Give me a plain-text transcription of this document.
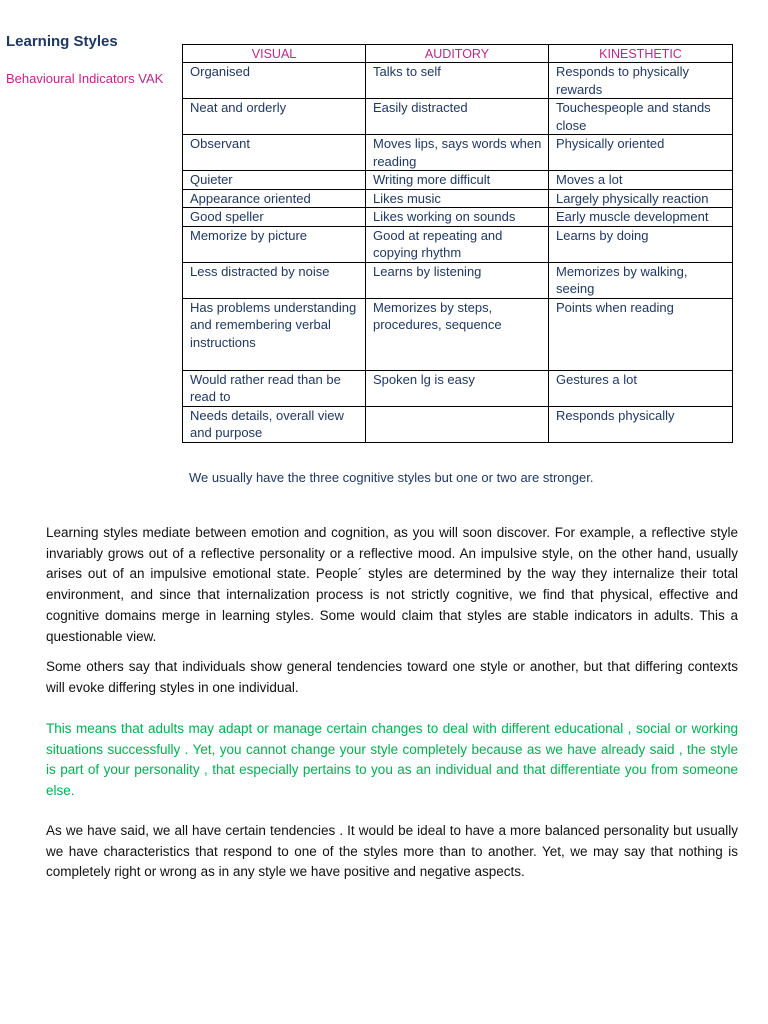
Learning Styles
Behavioural Indicators VAK
VISUAL	AUDITORY	KINESTHETIC
Organised	Talks to self	Responds to physically rewards
Neat and orderly	Easily distracted	Touchespeople and stands close
Observant	Moves lips, says words when reading	Physically oriented
Quieter	Writing more difficult	Moves a lot
Appearance oriented	Likes music	Largely physically reaction
Good speller	Likes working on sounds	Early muscle development
Memorize by picture	Good at repeating and copying rhythm	Learns by doing
Less distracted by noise	Learns by listening	Memorizes by walking, seeing
Has problems understanding and remembering verbal instructions	Memorizes by steps, procedures, sequence	Points when reading
Would rather read than be read to	Spoken lg is easy	Gestures a lot
Needs details, overall view and purpose		Responds physically
We usually have the three cognitive styles but one or two are stronger.

Learning styles mediate between emotion and cognition, as you will soon discover. For example, a reflective style invariably grows out of a reflective personality or a reflective mood. An impulsive style, on the other hand, usually arises out of an impulsive emotional state. People´ styles are determined by the way they internalize their total environment, and since that internalization process is not strictly cognitive, we find that physical, effective and cognitive domains merge in learning styles. Some would claim that styles are stable indicators in adults. This a questionable view.

Some others say that individuals show general tendencies toward one style or another, but that differing contexts will evoke differing styles in one individual.

This means that adults may adapt or manage certain changes to deal with different educational , social or working situations successfully . Yet, you cannot change your style completely because as we have already said , the style is part of your personality , that especially pertains to you as an individual and that differentiate you from someone else.

As we have said, we all have certain tendencies . It would be ideal to have a more balanced personality but usually we have characteristics that respond to one of the styles more than to another. Yet, we may say that nothing is completely right or wrong as in any style we have positive and negative aspects.
